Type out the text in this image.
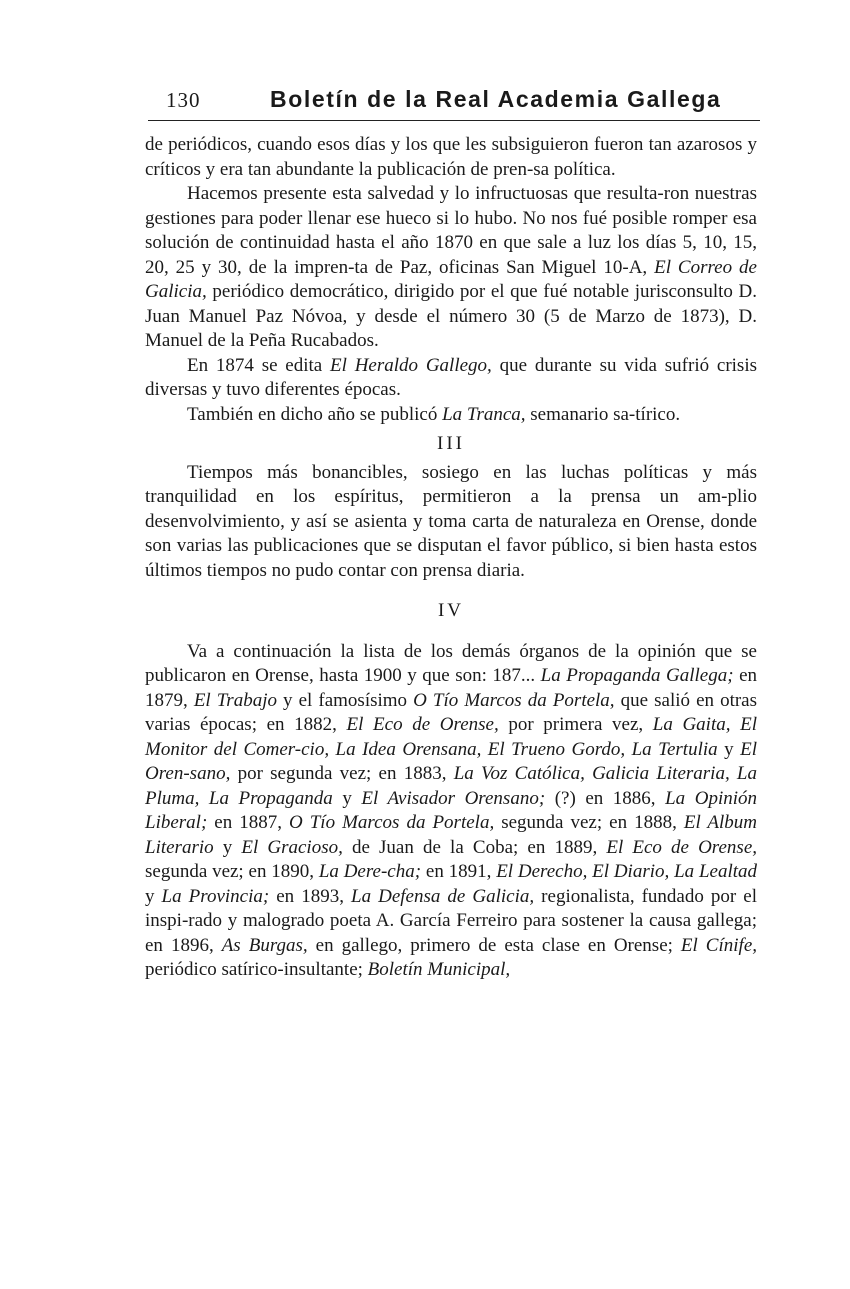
130	Boletín de la Real Academia Gallega

de periódicos, cuando esos días y los que les subsiguieron fueron tan azarosos y críticos y era tan abundante la publicación de pren-sa política.

Hacemos presente esta salvedad y lo infructuosas que resulta-ron nuestras gestiones para poder llenar ese hueco si lo hubo. No nos fué posible romper esa solución de continuidad hasta el año 1870 en que sale a luz los días 5, 10, 15, 20, 25 y 30, de la impren-ta de Paz, oficinas San Miguel 10-A, El Correo de Galicia, periódico democrático, dirigido por el que fué notable jurisconsulto D. Juan Manuel Paz Nóvoa, y desde el número 30 (5 de Marzo de 1873), D. Manuel de la Peña Rucabados.

En 1874 se edita El Heraldo Gallego, que durante su vida sufrió crisis diversas y tuvo diferentes épocas.

También en dicho año se publicó La Tranca, semanario sa-tírico.

III

Tiempos más bonancibles, sosiego en las luchas políticas y más tranquilidad en los espíritus, permitieron a la prensa un am-plio desenvolvimiento, y así se asienta y toma carta de naturaleza en Orense, donde son varias las publicaciones que se disputan el favor público, si bien hasta estos últimos tiempos no pudo contar con prensa diaria.

IV

Va a continuación la lista de los demás órganos de la opinión que se publicaron en Orense, hasta 1900 y que son: 187... La Propaganda Gallega; en 1879, El Trabajo y el famosísimo O Tío Marcos da Portela, que salió en otras varias épocas; en 1882, El Eco de Orense, por primera vez, La Gaita, El Monitor del Comer-cio, La Idea Orensana, El Trueno Gordo, La Tertulia y El Oren-sano, por segunda vez; en 1883, La Voz Católica, Galicia Literaria, La Pluma, La Propaganda y El Avisador Orensano; (?) en 1886, La Opinión Liberal; en 1887, O Tío Marcos da Portela, segunda vez; en 1888, El Album Literario y El Gracioso, de Juan de la Coba; en 1889, El Eco de Orense, segunda vez; en 1890, La Dere-cha; en 1891, El Derecho, El Diario, La Lealtad y La Provincia; en 1893, La Defensa de Galicia, regionalista, fundado por el inspi-rado y malogrado poeta A. García Ferreiro para sostener la causa gallega; en 1896, As Burgas, en gallego, primero de esta clase en Orense; El Cínife, periódico satírico-insultante; Boletín Municipal,
